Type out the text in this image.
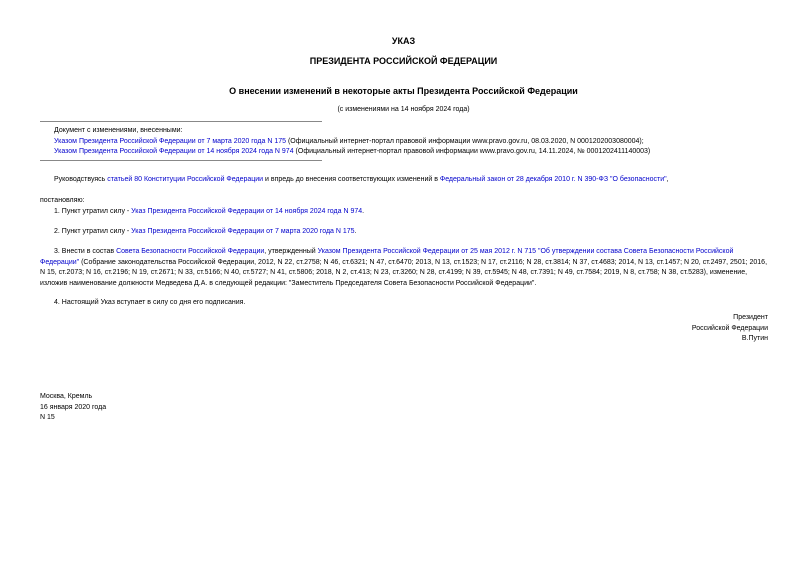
УКАЗ
ПРЕЗИДЕНТА РОССИЙСКОЙ ФЕДЕРАЦИИ
О внесении изменений в некоторые акты Президента Российской Федерации
(с изменениями на 14 ноября 2024 года)
Документ с изменениями, внесенными:
Указом Президента Российской Федерации от 7 марта 2020 года N 175 (Официальный интернет-портал правовой информации www.pravo.gov.ru, 08.03.2020, N 0001202003080004);
Указом Президента Российской Федерации от 14 ноября 2024 года N 974 (Официальный интернет-портал правовой информации www.pravo.gov.ru, 14.11.2024, № 0001202411140003)
Руководствуясь статьей 80 Конституции Российской Федерации и впредь до внесения соответствующих изменений в Федеральный закон от 28 декабря 2010 г. N 390-ФЗ "О безопасности",
постановляю:
1. Пункт утратил силу - Указ Президента Российской Федерации от 14 ноября 2024 года N 974.
2. Пункт утратил силу - Указ Президента Российской Федерации от 7 марта 2020 года N 175.
3. Внести в состав Совета Безопасности Российской Федерации, утвержденный Указом Президента Российской Федерации от 25 мая 2012 г. N 715 "Об утверждении состава Совета Безопасности Российской Федерации" (Собрание законодательства Российской Федерации, 2012, N 22, ст.2758; N 46, ст.6321; N 47, ст.6470; 2013, N 13, ст.1523; N 17, ст.2116; N 28, ст.3814; N 37, ст.4683; 2014, N 13, ст.1457; N 20, ст.2497, 2501; 2016, N 15, ст.2073; N 16, ст.2196; N 19, ст.2671; N 33, ст.5166; N 40, ст.5727; N 41, ст.5806; 2018, N 2, ст.413; N 23, ст.3260; N 28, ст.4199; N 39, ст.5945; N 48, ст.7391; N 49, ст.7584; 2019, N 8, ст.758; N 38, ст.5283), изменение, изложив наименование должности Медведева Д.А. в следующей редакции: "Заместитель Председателя Совета Безопасности Российской Федерации".
4. Настоящий Указ вступает в силу со дня его подписания.
Президент
Российской Федерации
В.Путин
Москва, Кремль
16 января 2020 года
N 15
